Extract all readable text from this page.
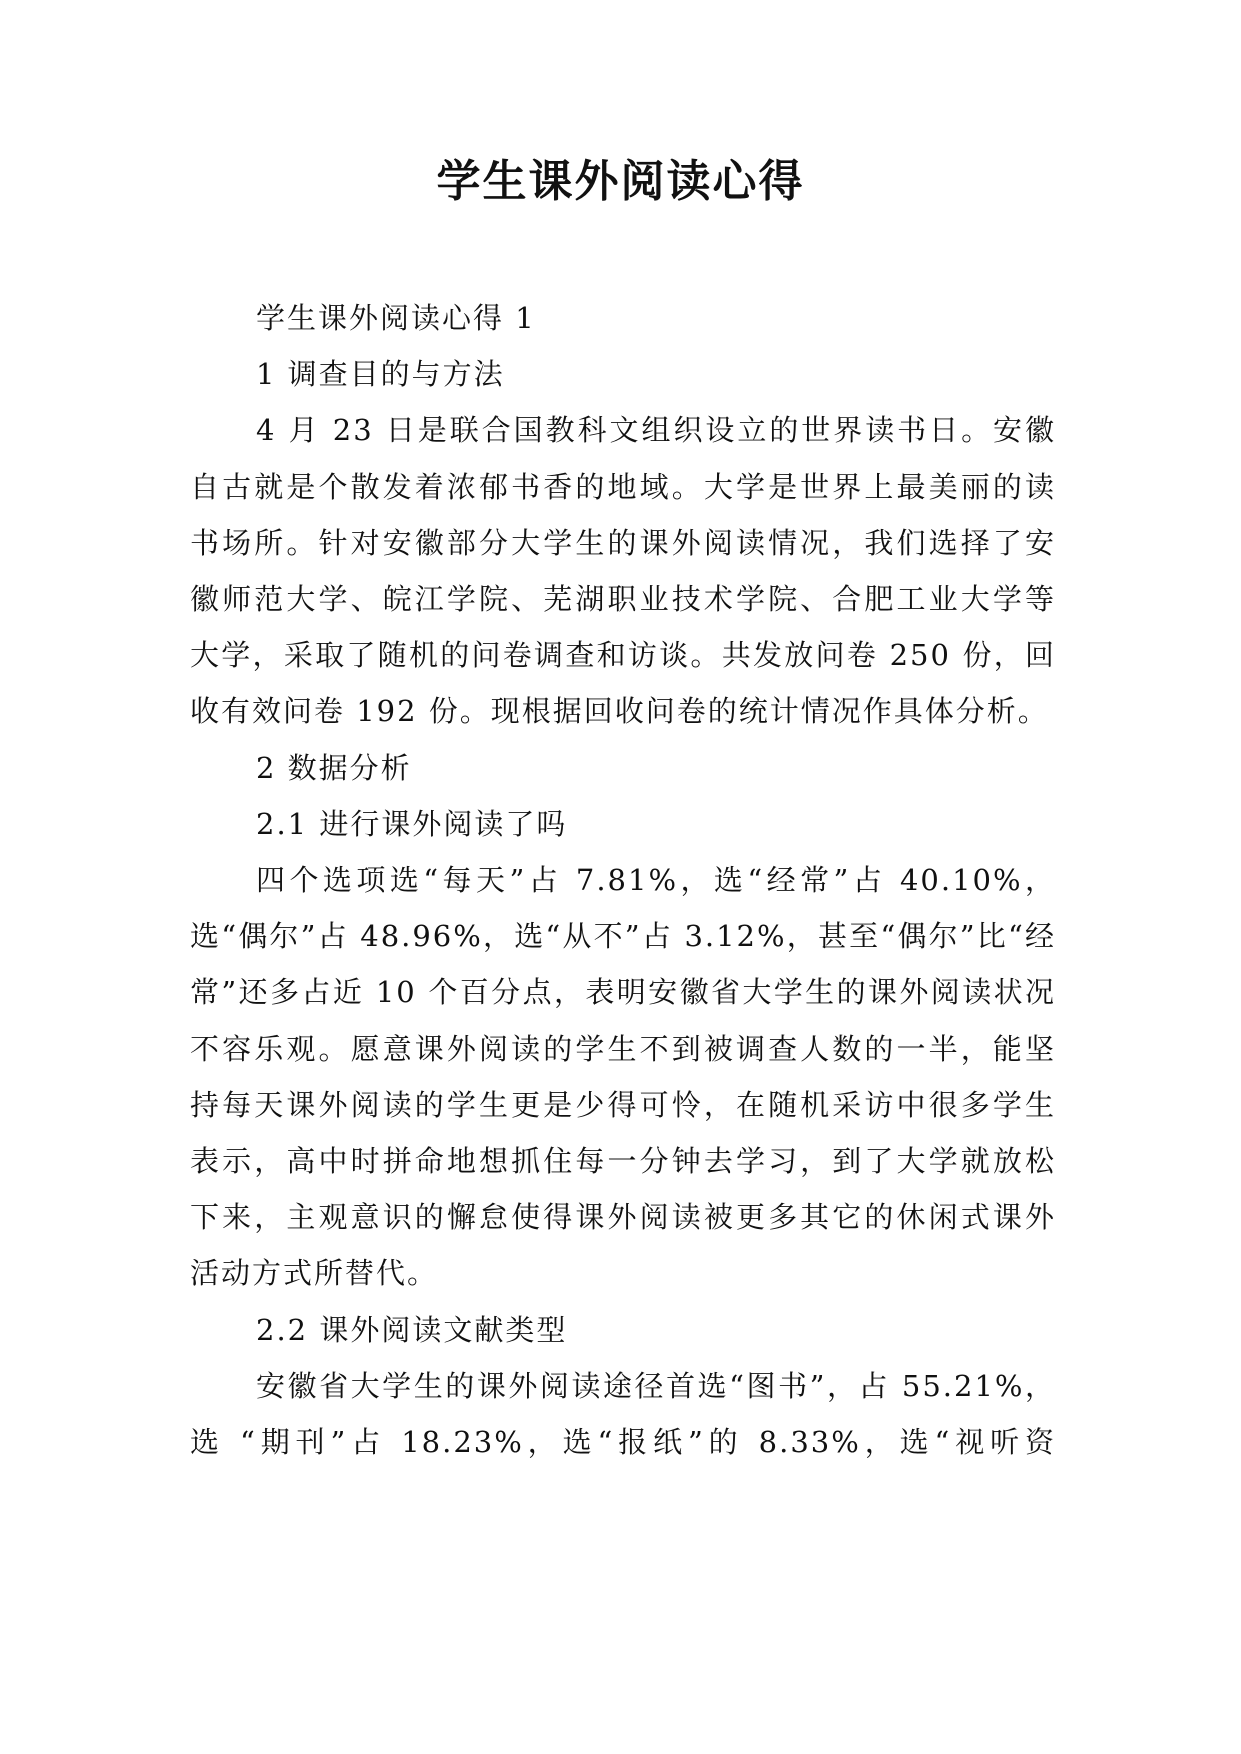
学生课外阅读心得

学生课外阅读心得 1

1 调查目的与方法

4 月 23 日是联合国教科文组织设立的世界读书日。安徽自古就是个散发着浓郁书香的地域。大学是世界上最美丽的读书场所。针对安徽部分大学生的课外阅读情况，我们选择了安徽师范大学、皖江学院、芜湖职业技术学院、合肥工业大学等大学，采取了随机的问卷调查和访谈。共发放问卷 250 份，回收有效问卷 192 份。现根据回收问卷的统计情况作具体分析。

2 数据分析

2.1 进行课外阅读了吗

四个选项选“每天”占 7.81%，选“经常”占 40.10%，选“偶尔”占 48.96%，选“从不”占 3.12%，甚至“偶尔”比“经常”还多占近 10 个百分点，表明安徽省大学生的课外阅读状况不容乐观。愿意课外阅读的学生不到被调查人数的一半，能坚持每天课外阅读的学生更是少得可怜，在随机采访中很多学生表示，高中时拼命地想抓住每一分钟去学习，到了大学就放松下来，主观意识的懈怠使得课外阅读被更多其它的休闲式课外活动方式所替代。

2.2 课外阅读文献类型

安徽省大学生的课外阅读途径首选“图书”，占 55.21%，选 “期刊”占 18.23%，选“报纸”的 8.33%，选“视听资
